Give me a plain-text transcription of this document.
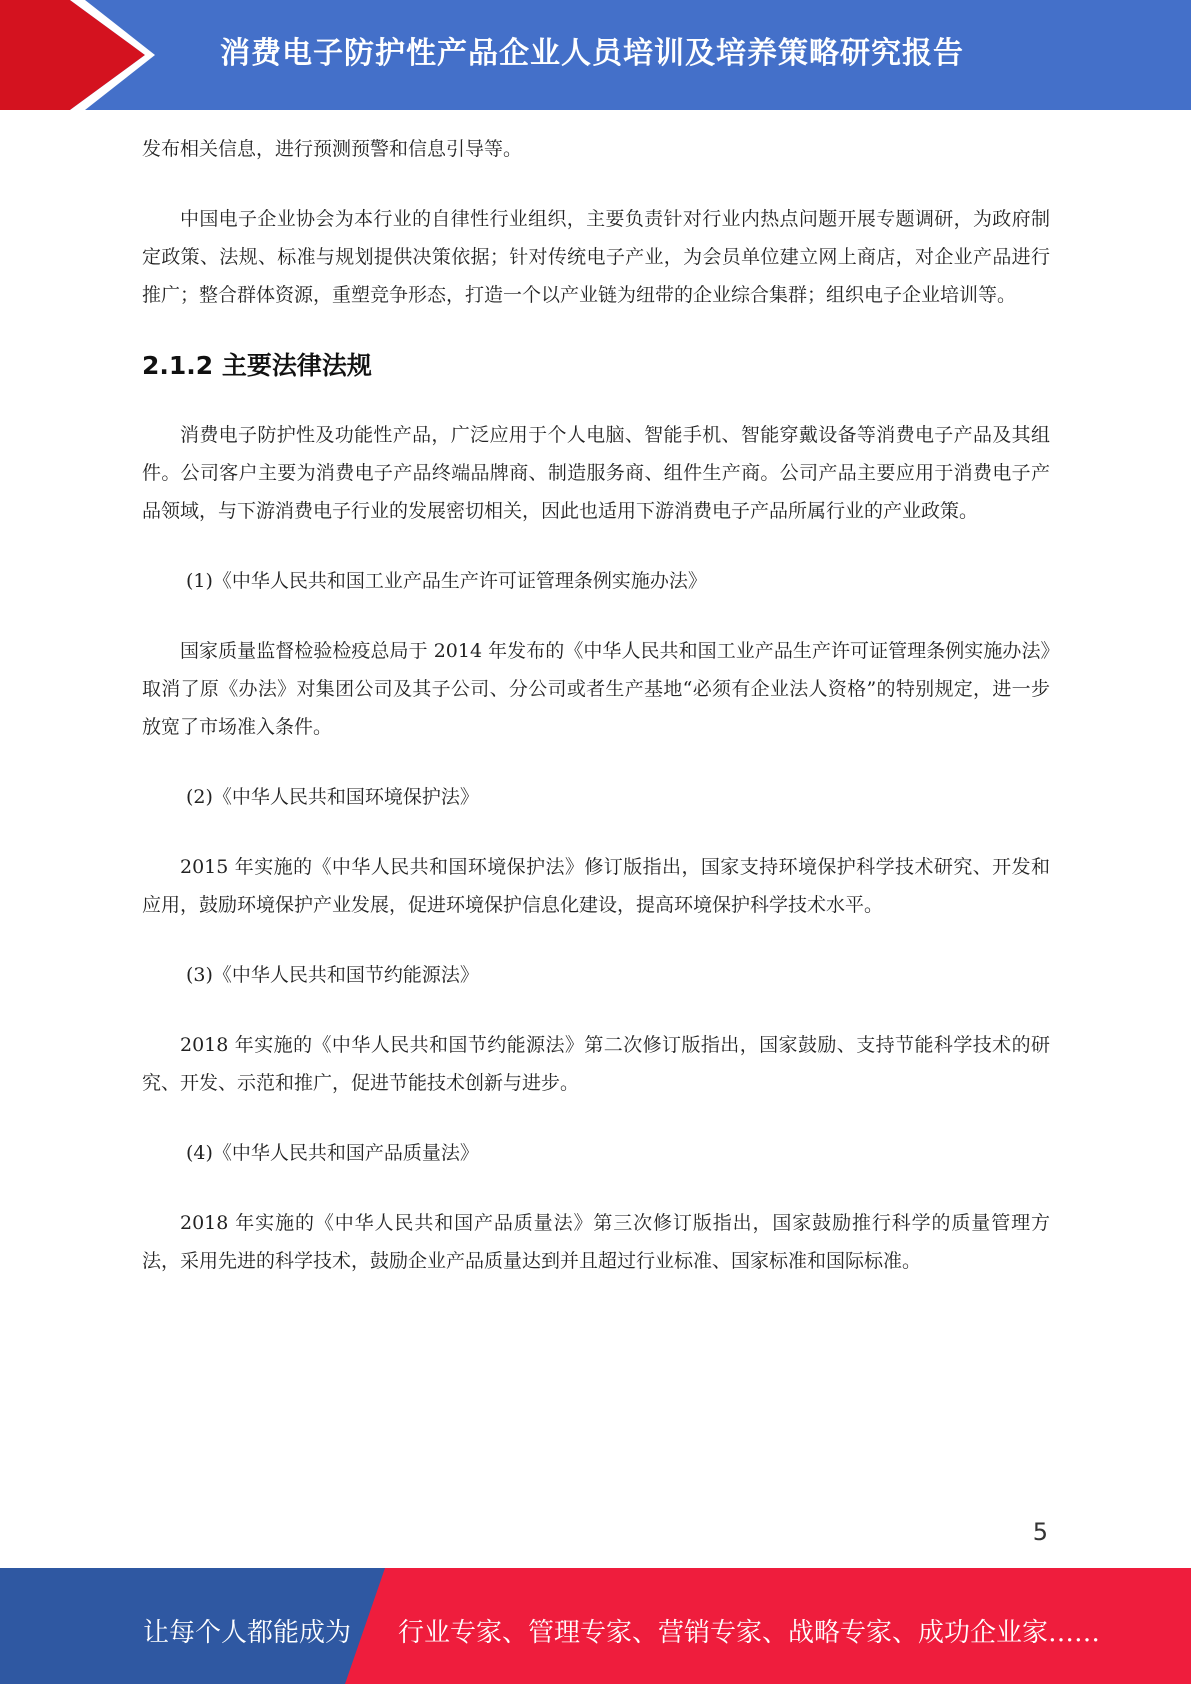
消费电子防护性产品企业人员培训及培养策略研究报告

发布相关信息，进行预测预警和信息引导等。

中国电子企业协会为本行业的自律性行业组织，主要负责针对行业内热点问题开展专题调研，为政府制定政策、法规、标准与规划提供决策依据；针对传统电子产业，为会员单位建立网上商店，对企业产品进行推广；整合群体资源，重塑竞争形态，打造一个以产业链为纽带的企业综合集群；组织电子企业培训等。

2.1.2 主要法律法规

消费电子防护性及功能性产品，广泛应用于个人电脑、智能手机、智能穿戴设备等消费电子产品及其组件。公司客户主要为消费电子产品终端品牌商、制造服务商、组件生产商。公司产品主要应用于消费电子产品领域，与下游消费电子行业的发展密切相关，因此也适用下游消费电子产品所属行业的产业政策。

(1)《中华人民共和国工业产品生产许可证管理条例实施办法》

国家质量监督检验检疫总局于 2014 年发布的《中华人民共和国工业产品生产许可证管理条例实施办法》取消了原《办法》对集团公司及其子公司、分公司或者生产基地“必须有企业法人资格”的特别规定，进一步放宽了市场准入条件。

(2)《中华人民共和国环境保护法》

2015 年实施的《中华人民共和国环境保护法》修订版指出，国家支持环境保护科学技术研究、开发和应用，鼓励环境保护产业发展，促进环境保护信息化建设，提高环境保护科学技术水平。

(3)《中华人民共和国节约能源法》

2018 年实施的《中华人民共和国节约能源法》第二次修订版指出，国家鼓励、支持节能科学技术的研究、开发、示范和推广，促进节能技术创新与进步。

(4)《中华人民共和国产品质量法》

2018 年实施的《中华人民共和国产品质量法》第三次修订版指出，国家鼓励推行科学的质量管理方法，采用先进的科学技术，鼓励企业产品质量达到并且超过行业标准、国家标准和国际标准。

5
让每个人都能成为 行业专家、管理专家、营销专家、战略专家、成功企业家……
